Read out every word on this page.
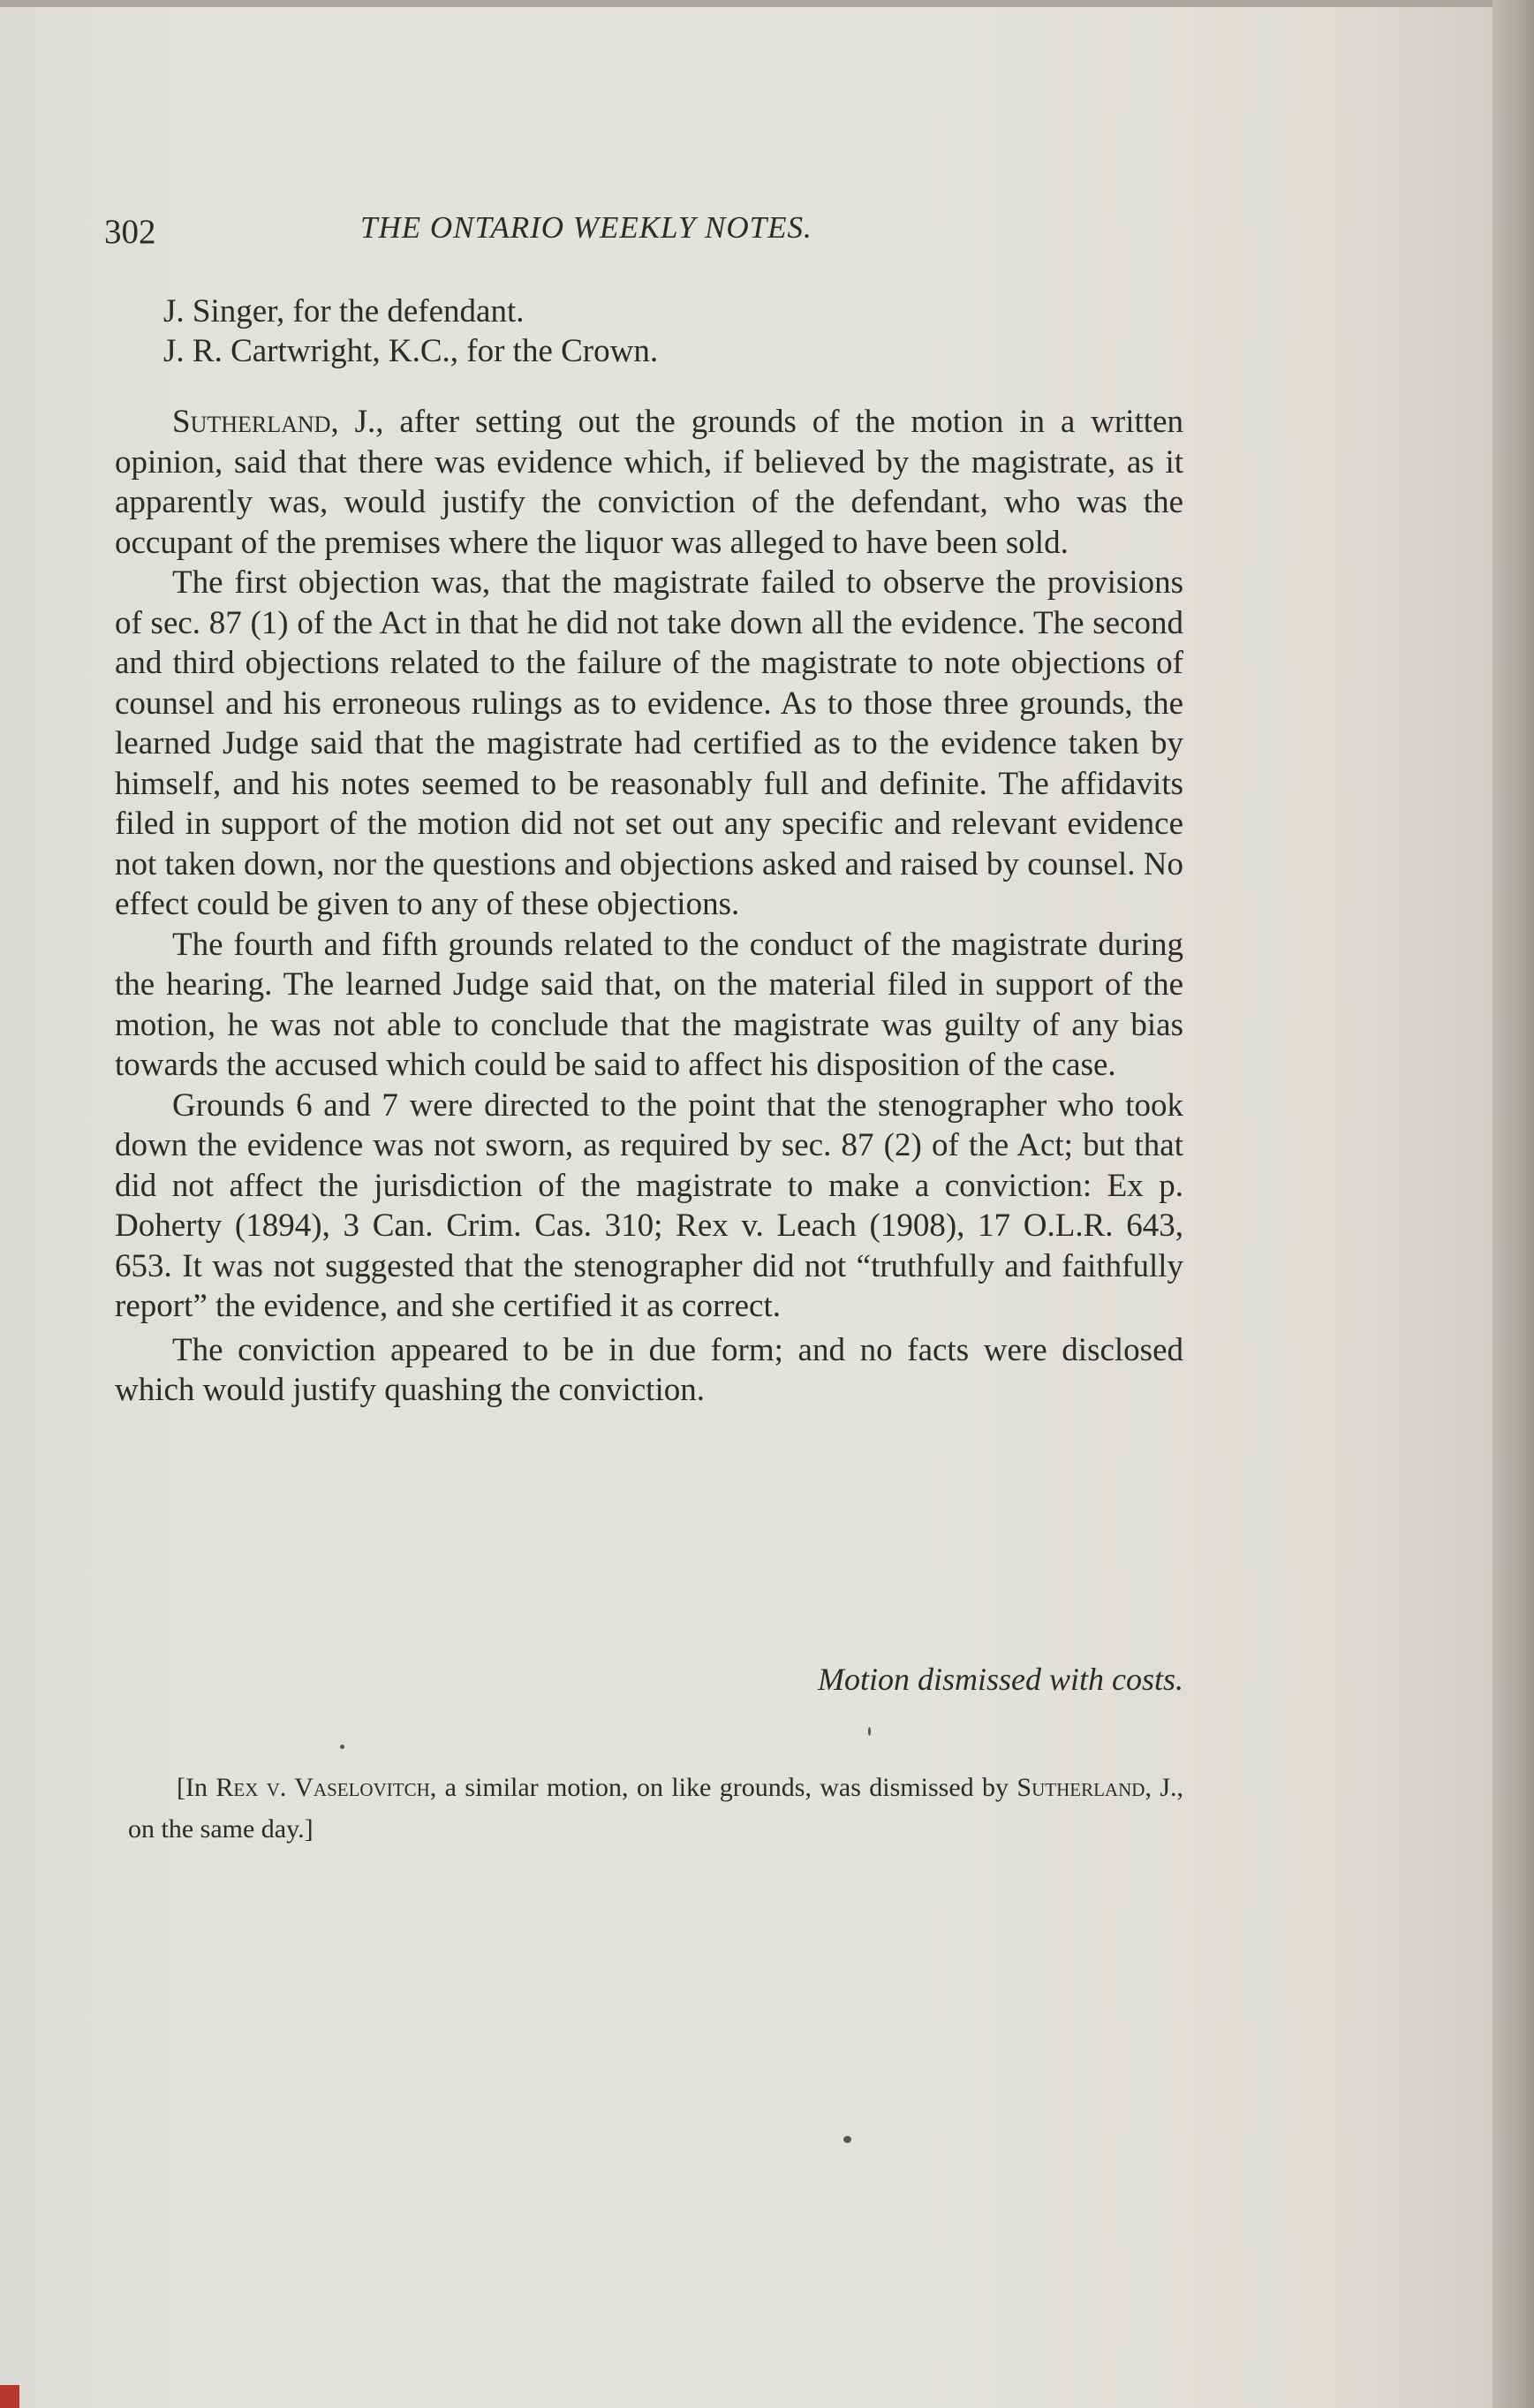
302	THE ONTARIO WEEKLY NOTES.
J. Singer, for the defendant.
J. R. Cartwright, K.C., for the Crown.

Sutherland, J., after setting out the grounds of the motion in a written opinion, said that there was evidence which, if believed by the magistrate, as it apparently was, would justify the conviction of the defendant, who was the occupant of the premises where the liquor was alleged to have been sold.

The first objection was, that the magistrate failed to observe the provisions of sec. 87 (1) of the Act in that he did not take down all the evidence. The second and third objections related to the failure of the magistrate to note objections of counsel and his erroneous rulings as to evidence. As to those three grounds, the learned Judge said that the magistrate had certified as to the evidence taken by himself, and his notes seemed to be reasonably full and definite. The affidavits filed in support of the motion did not set out any specific and relevant evidence not taken down, nor the questions and objections asked and raised by counsel. No effect could be given to any of these objections.

The fourth and fifth grounds related to the conduct of the magistrate during the hearing. The learned Judge said that, on the material filed in support of the motion, he was not able to conclude that the magistrate was guilty of any bias towards the accused which could be said to affect his disposition of the case.

Grounds 6 and 7 were directed to the point that the stenographer who took down the evidence was not sworn, as required by sec. 87 (2) of the Act; but that did not affect the jurisdiction of the magistrate to make a conviction: Ex p. Doherty (1894), 3 Can. Crim. Cas. 310; Rex v. Leach (1908), 17 O.L.R. 643, 653. It was not suggested that the stenographer did not “truthfully and faithfully report” the evidence, and she certified it as correct.

The conviction appeared to be in due form; and no facts were disclosed which would justify quashing the conviction.

Motion dismissed with costs.
[In Rex v. Vaselovitch, a similar motion, on like grounds, was dismissed by Sutherland, J., on the same day.]
